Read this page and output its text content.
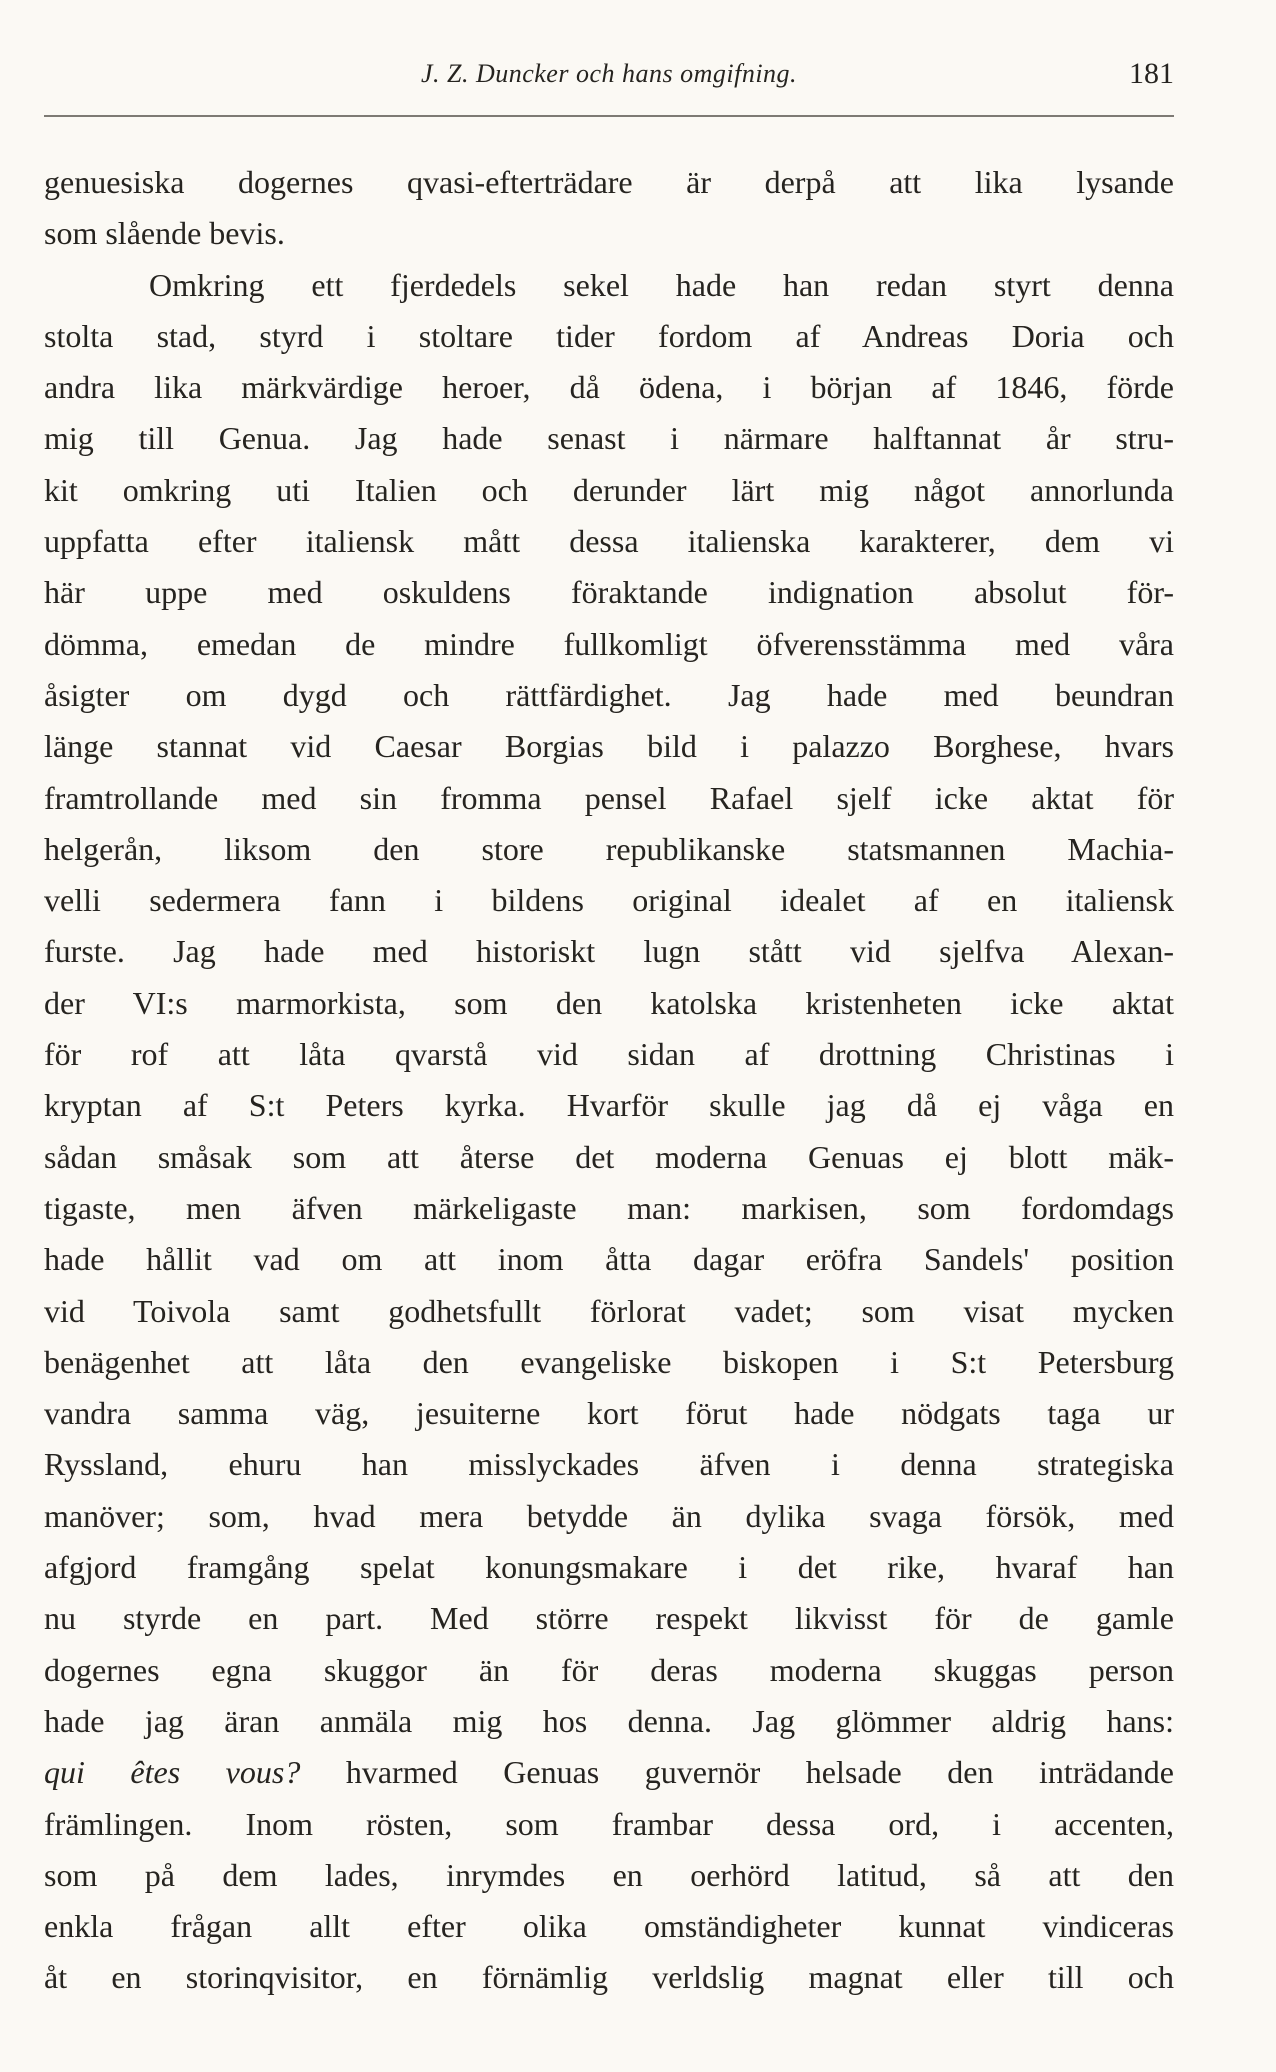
J. Z. Duncker och hans omgifning.	181
genuesiska dogernes qvasi-efterträdare är derpå att lika lysande
som slående bevis.
Omkring ett fjerdedels sekel hade han redan styrt denna
stolta stad, styrd i stoltare tider fordom af Andreas Doria och
andra lika märkvärdige heroer, då ödena, i början af 1846, förde
mig till Genua. Jag hade senast i närmare halftannat år stru-
kit omkring uti Italien och derunder lärt mig något annorlunda
uppfatta efter italiensk mått dessa italienska karakterer, dem vi
här uppe med oskuldens föraktande indignation absolut för-
dömma, emedan de mindre fullkomligt öfverensstämma med våra
åsigter om dygd och rättfärdighet. Jag hade med beundran
länge stannat vid Caesar Borgias bild i palazzo Borghese, hvars
framtrollande med sin fromma pensel Rafael sjelf icke aktat för
helgerån, liksom den store republikanske statsmannen Machia-
velli sedermera fann i bildens original idealet af en italiensk
furste. Jag hade med historiskt lugn stått vid sjelfva Alexan-
der VI:s marmorkista, som den katolska kristenheten icke aktat
för rof att låta qvarstå vid sidan af drottning Christinas i
kryptan af S:t Peters kyrka. Hvarför skulle jag då ej våga en
sådan småsak som att återse det moderna Genuas ej blott mäk-
tigaste, men äfven märkeligaste man: markisen, som fordomdags
hade hållit vad om att inom åtta dagar eröfra Sandels' position
vid Toivola samt godhetsfullt förlorat vadet; som visat mycken
benägenhet att låta den evangeliske biskopen i S:t Petersburg
vandra samma väg, jesuiterne kort förut hade nödgats taga ur
Ryssland, ehuru han misslyckades äfven i denna strategiska
manöver; som, hvad mera betydde än dylika svaga försök, med
afgjord framgång spelat konungsmakare i det rike, hvaraf han
nu styrde en part. Med större respekt likvisst för de gamle
dogernes egna skuggor än för deras moderna skuggas person
hade jag äran anmäla mig hos denna. Jag glömmer aldrig hans:
qui êtes vous? hvarmed Genuas guvernör helsade den inträdande
främlingen. Inom rösten, som frambar dessa ord, i accenten,
som på dem lades, inrymdes en oerhörd latitud, så att den
enkla frågan allt efter olika omständigheter kunnat vindiceras
åt en storinqvisitor, en förnämlig verldslig magnat eller till och
